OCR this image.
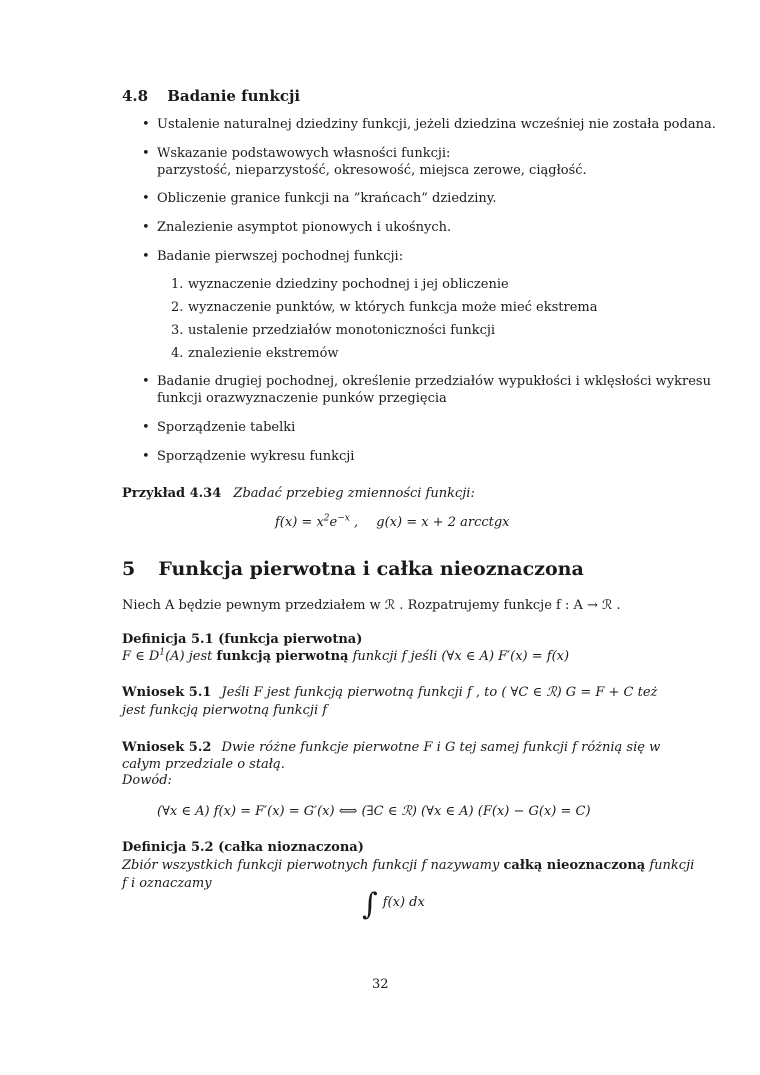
4.8 Badanie funkcji
• Ustalenie naturalnej dziedziny funkcji, jeżeli dziedzina wcześniej nie została podana.
• Wskazanie podstawowych własności funkcji:
parzystość, nieparzystość, okresowość, miejsca zerowe, ciągłość.
• Obliczenie granice funkcji na ”krańcach” dziedziny.
• Znalezienie asymptot pionowych i ukośnych.
• Badanie pierwszej pochodnej funkcji:
1. wyznaczenie dziedziny pochodnej i jej obliczenie
2. wyznaczenie punktów, w których funkcja może mieć ekstrema
3. ustalenie przedziałów monotoniczności funkcji
4. znalezienie ekstremów
• Badanie drugiej pochodnej, określenie przedziałów wypukłości i wklęsłości wykresu
funkcji orazwyznaczenie punków przegięcia
• Sporządzenie tabelki
• Sporządzenie wykresu funkcji
Przykład 4.34 Zbadać przebieg zmienności funkcji:
$f(x) = x^2e^{-x}$ , g(x) = x + 2 arcctgx
5 Funkcja pierwotna i całka nieoznaczona
Niech A będzie pewnym przedziałem w ℛ . Rozpatrujemy funkcje f : A → ℛ .
Definicja 5.1 (funkcja pierwotna)
F ∈ $D^1(A)$ jest funkcją pierwotną funkcji f jeśli (∀x ∈ A) F′(x) = f(x)
Wniosek 5.1 Jeśli F jest funkcją pierwotną funkcji f , to ( ∀C ∈ ℛ) G = F + C też
jest funkcją pierwotną funkcji f
Wniosek 5.2 Dwie różne funkcje pierwotne F i G tej samej funkcji f różnią się w
całym przedziale o stałą.
Dowód:
(∀x ∈ A) f(x) = F′(x) = G′(x) ⟺ (∃C ∈ ℛ) (∀x ∈ A) (F(x) − G(x) = C)
Definicja 5.2 (całka nioznaczona)
Zbiór wszystkich funkcji pierwotnych funkcji f nazywamy całką nieoznaczoną funkcji
f i oznaczamy
∫ $^{f(x) dx}$
32
